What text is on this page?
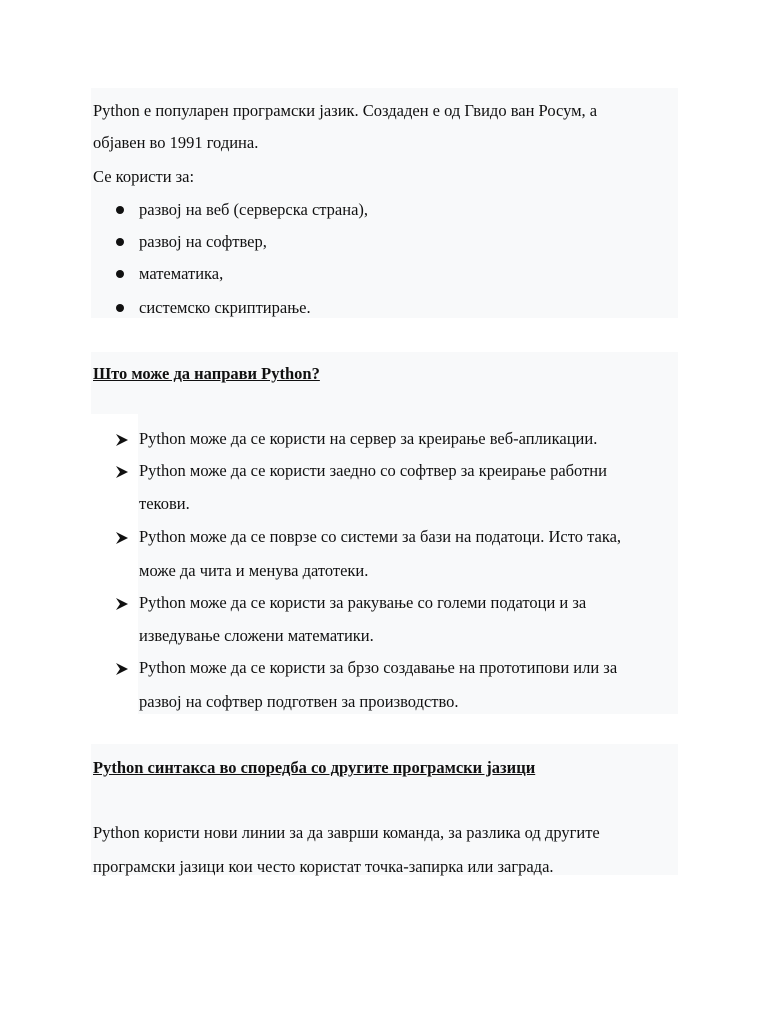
Python е популарен програмски јазик. Создаден е од Гвидо ван Росум, а
објавен во 1991 година.
Се користи за:
развој на веб (серверска страна),
развој на софтвер,
математика,
системско скриптирање.
Што може да направи Python?
Python може да се користи на сервер за креирање веб-апликации.
Python може да се користи заедно со софтвер за креирање работни
текови.
Python може да се поврзе со системи за бази на податоци. Исто така,
може да чита и менува датотеки.
Python може да се користи за ракување со големи податоци и за
изведување сложени математики.
Python може да се користи за брзо создавање на прототипови или за
развој на софтвер подготвен за производство.
Python синтакса во споредба со другите програмски јазици
Python користи нови линии за да заврши команда, за разлика од другите
програмски јазици кои често користат точка-запирка или заграда.
